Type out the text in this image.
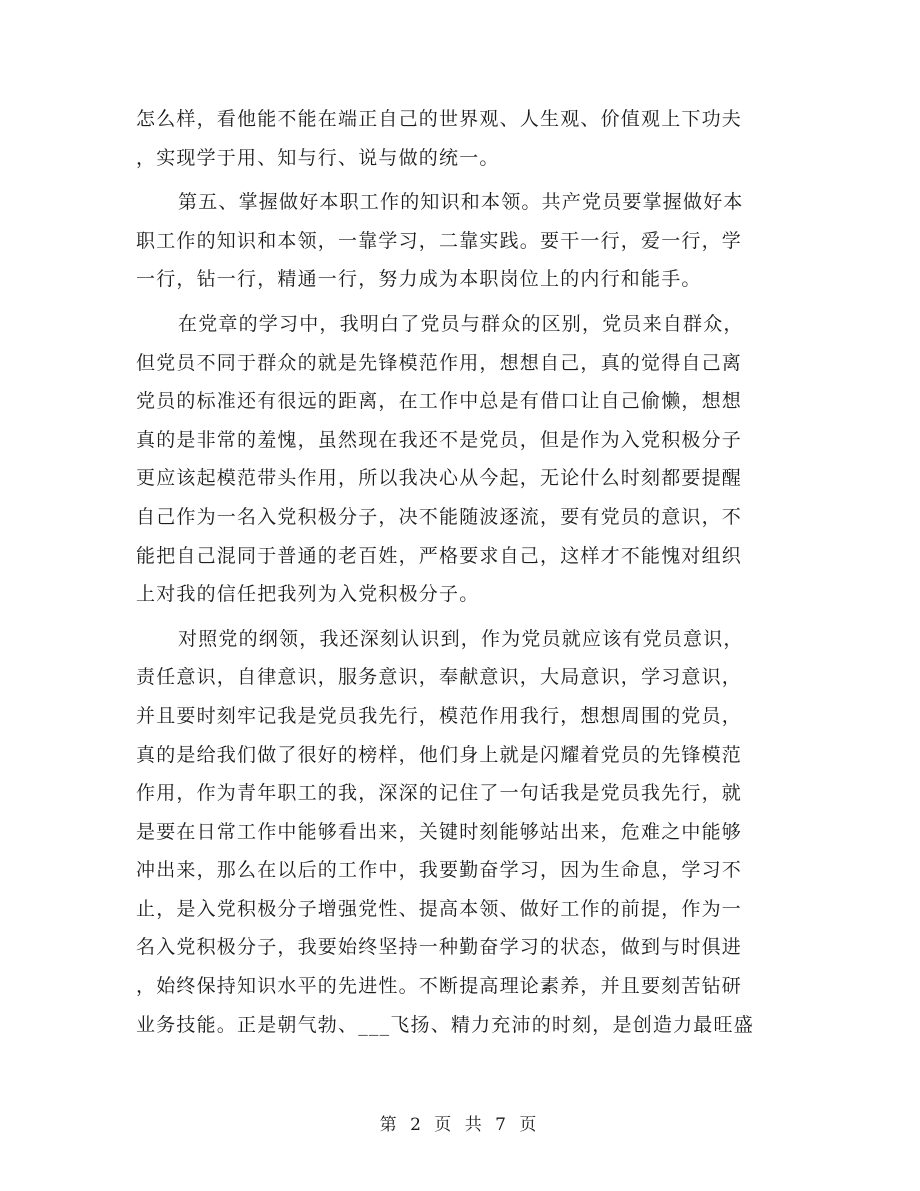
怎么样，看他能不能在端正自己的世界观、人生观、价值观上下功夫
，实现学于用、知与行、说与做的统一。

第五、掌握做好本职工作的知识和本领。共产党员要掌握做好本
职工作的知识和本领，一靠学习，二靠实践。要干一行，爱一行，学
一行，钻一行，精通一行，努力成为本职岗位上的内行和能手。

在党章的学习中，我明白了党员与群众的区别，党员来自群众，
但党员不同于群众的就是先锋模范作用，想想自己，真的觉得自己离
党员的标准还有很远的距离，在工作中总是有借口让自己偷懒，想想
真的是非常的羞愧，虽然现在我还不是党员，但是作为入党积极分子
更应该起模范带头作用，所以我决心从今起，无论什么时刻都要提醒
自己作为一名入党积极分子，决不能随波逐流，要有党员的意识，不
能把自己混同于普通的老百姓，严格要求自己，这样才不能愧对组织
上对我的信任把我列为入党积极分子。

对照党的纲领，我还深刻认识到，作为党员就应该有党员意识，
责任意识，自律意识，服务意识，奉献意识，大局意识，学习意识，
并且要时刻牢记我是党员我先行，模范作用我行，想想周围的党员，
真的是给我们做了很好的榜样，他们身上就是闪耀着党员的先锋模范
作用，作为青年职工的我，深深的记住了一句话我是党员我先行，就
是要在日常工作中能够看出来，关键时刻能够站出来，危难之中能够
冲出来，那么在以后的工作中，我要勤奋学习，因为生命息，学习不
止，是入党积极分子增强党性、提高本领、做好工作的前提，作为一
名入党积极分子，我要始终坚持一种勤奋学习的状态，做到与时俱进
，始终保持知识水平的先进性。不断提高理论素养，并且要刻苦钻研
业务技能。正是朝气勃、___飞扬、精力充沛的时刻，是创造力最旺盛

第 2 页 共 7 页
